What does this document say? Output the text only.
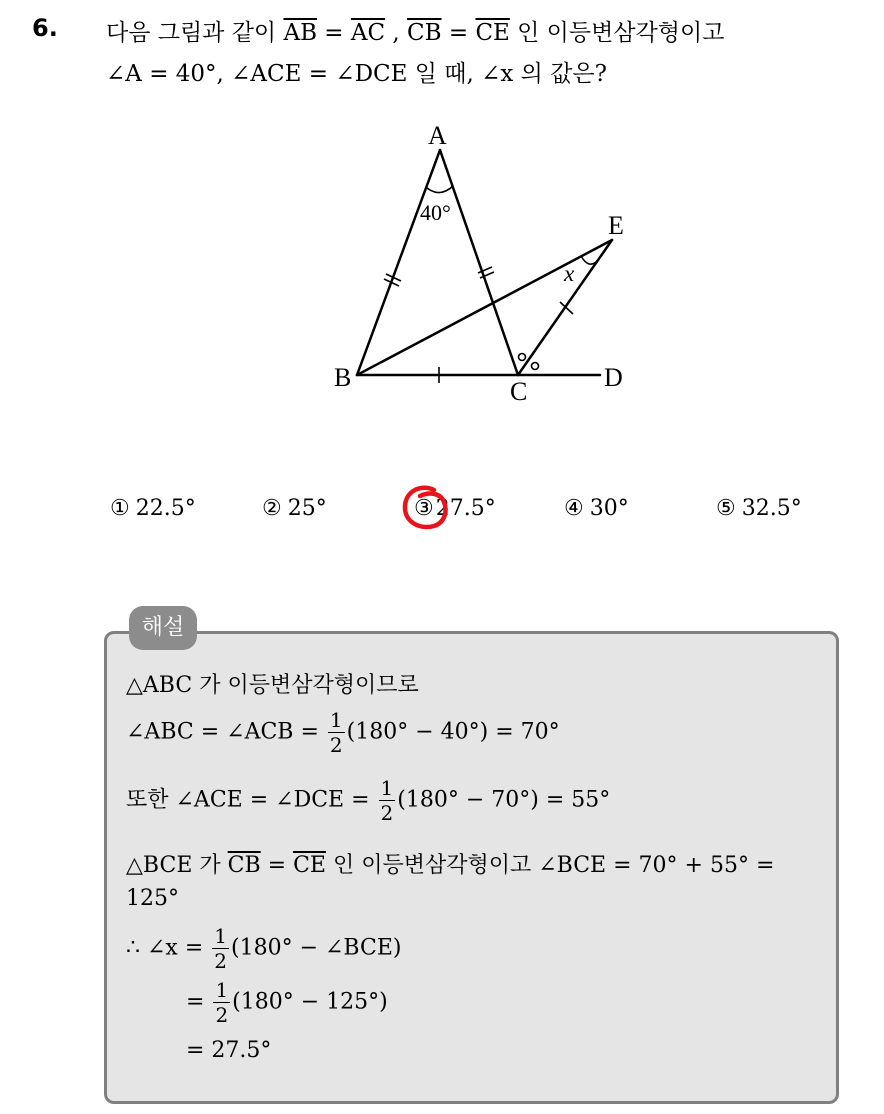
6. 다음 그림과 같이 $\overline{AB} = \overline{AC}$ , $\overline{CB} = \overline{CE}$ 인 이등변삼각형이고
∠A = 40°, ∠ACE = ∠DCE 일 때, ∠x 의 값은?
A
B	C	D
E
x
40°
① 22.5°	② 25°	③27.5°	④ 30°	⑤ 32.5°
해설
△ABC 가 이등변삼각형이므로
∠ABC = ∠ACB = $\frac{1}{2} (180^\circ - 40^\circ) = 70^\circ$
또한 ∠ACE = ∠DCE = $\frac{1}{2} (180^\circ - 70^\circ) = 55^\circ$
△BCE 가 $\overline{CB} = \overline{CE}$ 인 이등변삼각형이고 ∠BCE = 70° + 55° =
125°
∴ ∠x = $\frac{1}{2} (180^\circ$ − ∠BCE)
= $\frac{1}{2} (180^\circ - 125^\circ)$
= 27.5°
